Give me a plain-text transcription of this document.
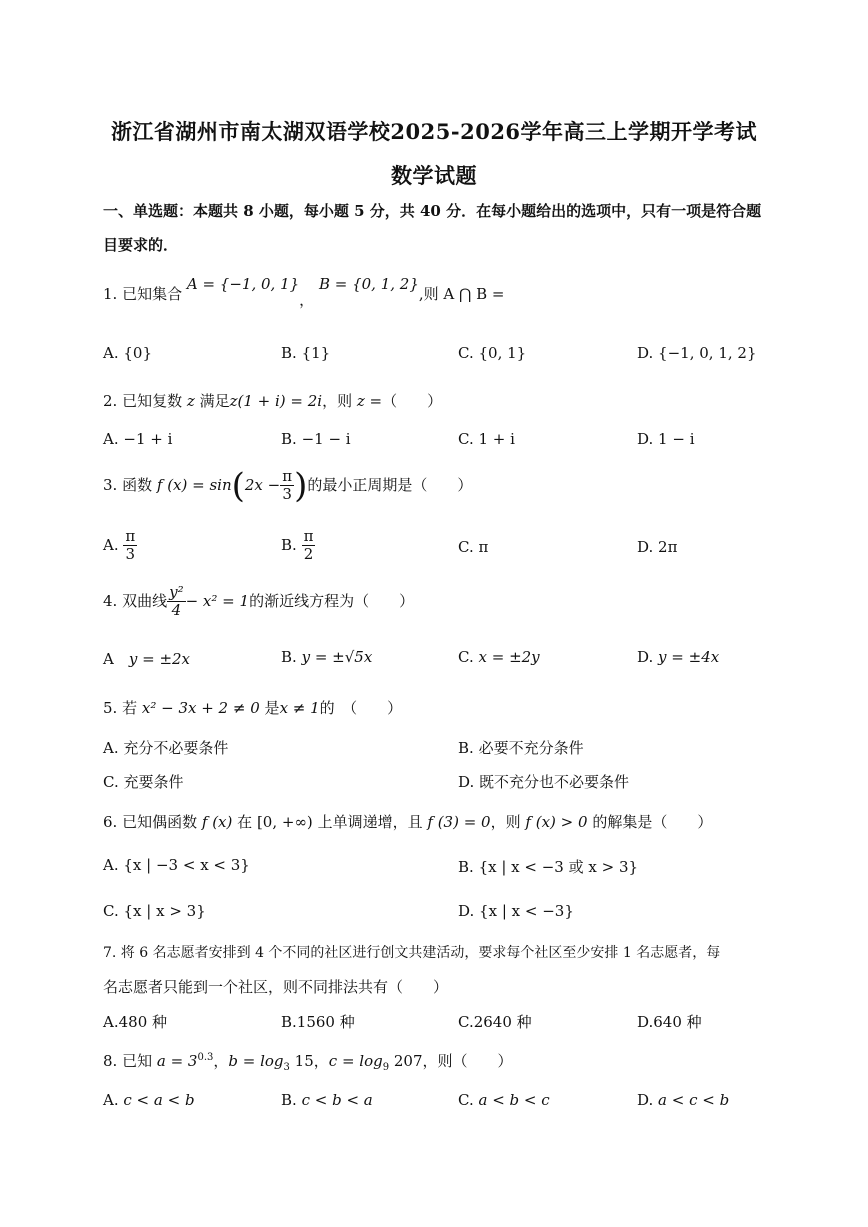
浙江省湖州市南太湖双语学校2025-2026学年高三上学期开学考试
数学试题
一、单选题：本题共 8 小题，每小题 5 分，共 40 分．在每小题给出的选项中，只有一项是符合题目要求的．
1. 已知集合 A = {−1, 0, 1}， B = {0, 1, 2},则 A ⋂ B =
A. {0}	B. {1}	C. {0, 1}	D. {−1, 0, 1, 2}
2. 已知复数 z 满足z(1 + i) = 2i，则 z =（　　）
A. −1 + i	B. −1 − i	C. 1 + i	D. 1 − i
3. 函数 f $(x) = \sin(2x - \frac{\pi}{3}$ )的最小正周期是（　　）
A. $\frac{\pi}{3}$	B. $\frac{\pi}{2}$	C. π	D. 2π
4. 双曲线 $\frac{\text{y²}}{4} - x^2 = 1$的渐近线方程为（　　）
A　 y = ±2x	B. y = ±√5x	C. x = ±2y	D. y = ±4x
5. 若 x² − 3x + 2 ≠ 0 是x ≠ 1的　（　　）
A. 充分不必要条件	B. 必要不充分条件
C. 充要条件	D. 既不充分也不必要条件
6. 已知偶函数 f (x) 在 [0, +∞) 上单调递增，且 f (3) = 0，则 f (x) > 0 的解集是（　　）
A. {x | −3 < x < 3}	B. {x | x < −3 或 x > 3}
C. {x | x > 3}	D. {x | x < −3}
7. 将 6 名志愿者安排到 4 个不同的社区进行创文共建活动，要求每个社区至少安排 1 名志愿者，每
名志愿者只能到一个社区，则不同排法共有（　　）
A.480 种	B.1560 种	C.2640 种	D.640 种
8. 已知 $a = 3^{0.3}$，$b = \log_3 15$，$c = \log_9 207$，则（　　）
A. c < a < b	B. c < b < a	C. a < b < c	D. a < c < b
